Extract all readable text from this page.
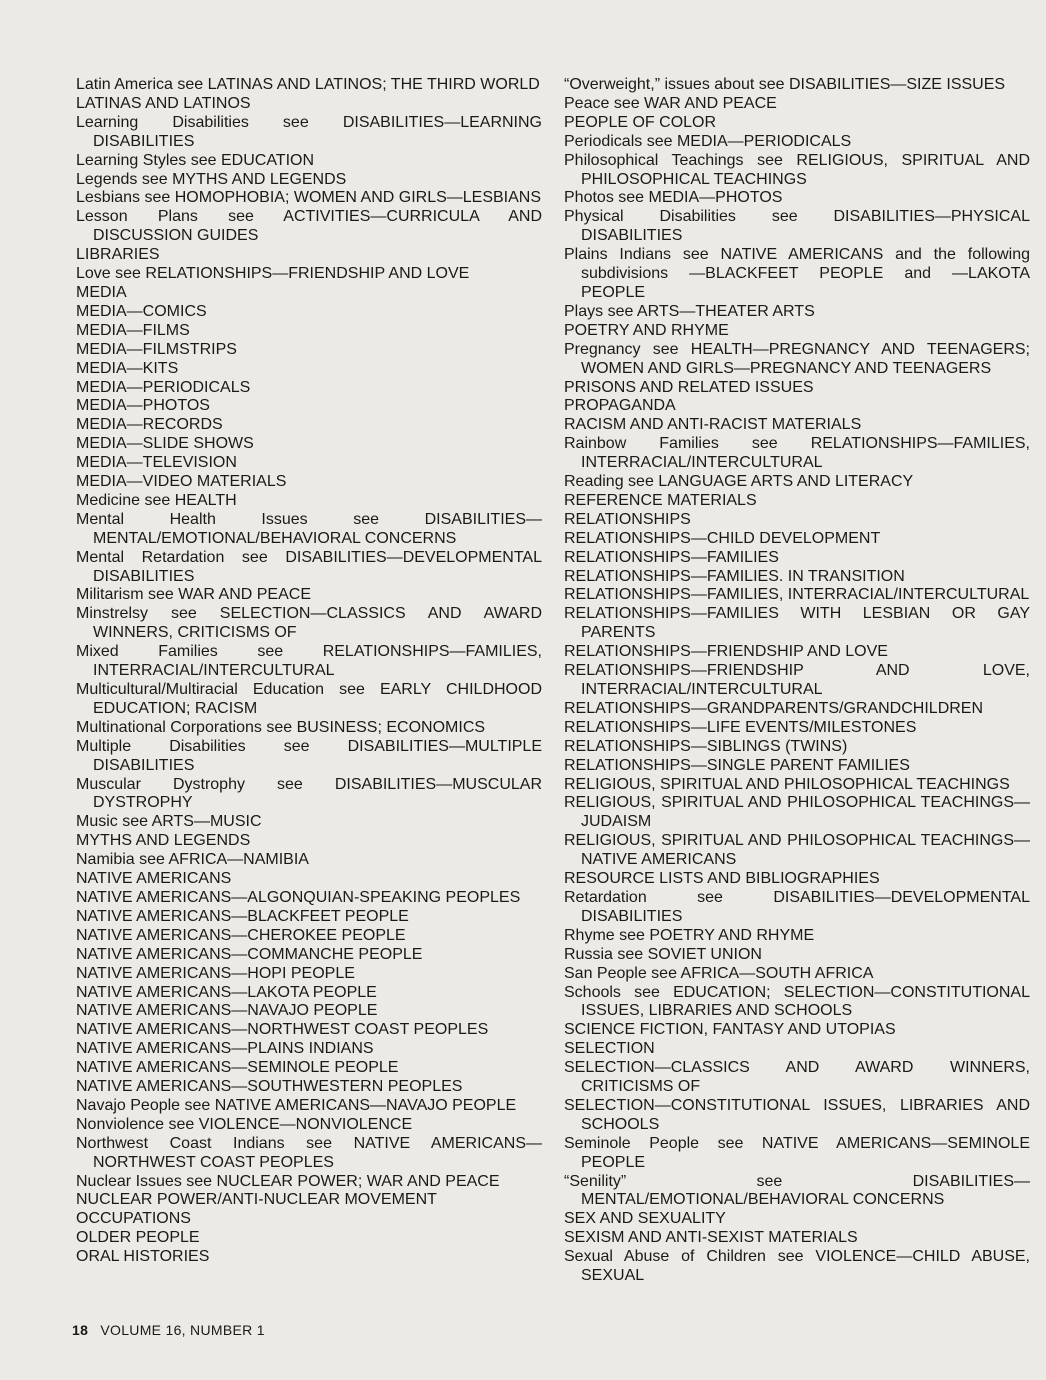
Latin America see LATINAS AND LATINOS; THE THIRD WORLD

LATINAS AND LATINOS

Learning Disabilities see DISABILITIES—LEARNING DISABILITIES

Learning Styles see EDUCATION

Legends see MYTHS AND LEGENDS

Lesbians see HOMOPHOBIA; WOMEN AND GIRLS—LESBIANS

Lesson Plans see ACTIVITIES—CURRICULA AND DISCUSSION GUIDES

LIBRARIES

Love see RELATIONSHIPS—FRIENDSHIP AND LOVE

MEDIA

MEDIA—COMICS

MEDIA—FILMS

MEDIA—FILMSTRIPS

MEDIA—KITS

MEDIA—PERIODICALS

MEDIA—PHOTOS

MEDIA—RECORDS

MEDIA—SLIDE SHOWS

MEDIA—TELEVISION

MEDIA—VIDEO MATERIALS

Medicine see HEALTH

Mental Health Issues see DISABILITIES—MENTAL/EMOTIONAL/BEHAVIORAL CONCERNS

Mental Retardation see DISABILITIES—DEVELOPMENTAL DISABILITIES

Militarism see WAR AND PEACE

Minstrelsy see SELECTION—CLASSICS AND AWARD WINNERS, CRITICISMS OF

Mixed Families see RELATIONSHIPS—FAMILIES, INTERRACIAL/INTERCULTURAL

Multicultural/Multiracial Education see EARLY CHILDHOOD EDUCATION; RACISM

Multinational Corporations see BUSINESS; ECONOMICS

Multiple Disabilities see DISABILITIES—MULTIPLE DISABILITIES

Muscular Dystrophy see DISABILITIES—MUSCULAR DYSTROPHY

Music see ARTS—MUSIC

MYTHS AND LEGENDS

Namibia see AFRICA—NAMIBIA

NATIVE AMERICANS

NATIVE AMERICANS—ALGONQUIAN-SPEAKING PEOPLES

NATIVE AMERICANS—BLACKFEET PEOPLE

NATIVE AMERICANS—CHEROKEE PEOPLE

NATIVE AMERICANS—COMMANCHE PEOPLE

NATIVE AMERICANS—HOPI PEOPLE

NATIVE AMERICANS—LAKOTA PEOPLE

NATIVE AMERICANS—NAVAJO PEOPLE

NATIVE AMERICANS—NORTHWEST COAST PEOPLES

NATIVE AMERICANS—PLAINS INDIANS

NATIVE AMERICANS—SEMINOLE PEOPLE

NATIVE AMERICANS—SOUTHWESTERN PEOPLES

Navajo People see NATIVE AMERICANS—NAVAJO PEOPLE

Nonviolence see VIOLENCE—NONVIOLENCE

Northwest Coast Indians see NATIVE AMERICANS—NORTHWEST COAST PEOPLES

Nuclear Issues see NUCLEAR POWER; WAR AND PEACE

NUCLEAR POWER/ANTI-NUCLEAR MOVEMENT

OCCUPATIONS

OLDER PEOPLE

ORAL HISTORIES

“Overweight,” issues about see DISABILITIES—SIZE ISSUES

Peace see WAR AND PEACE

PEOPLE OF COLOR

Periodicals see MEDIA—PERIODICALS

Philosophical Teachings see RELIGIOUS, SPIRITUAL AND PHILOSOPHICAL TEACHINGS

Photos see MEDIA—PHOTOS

Physical Disabilities see DISABILITIES—PHYSICAL DISABILITIES

Plains Indians see NATIVE AMERICANS and the following subdivisions —BLACKFEET PEOPLE and —LAKOTA PEOPLE

Plays see ARTS—THEATER ARTS

POETRY AND RHYME

Pregnancy see HEALTH—PREGNANCY AND TEENAGERS; WOMEN AND GIRLS—PREGNANCY AND TEENAGERS

PRISONS AND RELATED ISSUES

PROPAGANDA

RACISM AND ANTI-RACIST MATERIALS

Rainbow Families see RELATIONSHIPS—FAMILIES, INTERRACIAL/INTERCULTURAL

Reading see LANGUAGE ARTS AND LITERACY

REFERENCE MATERIALS

RELATIONSHIPS

RELATIONSHIPS—CHILD DEVELOPMENT

RELATIONSHIPS—FAMILIES

RELATIONSHIPS—FAMILIES. IN TRANSITION

RELATIONSHIPS—FAMILIES, INTERRACIAL/INTERCULTURAL

RELATIONSHIPS—FAMILIES WITH LESBIAN OR GAY PARENTS

RELATIONSHIPS—FRIENDSHIP AND LOVE

RELATIONSHIPS—FRIENDSHIP AND LOVE, INTERRACIAL/INTERCULTURAL

RELATIONSHIPS—GRANDPARENTS/GRANDCHILDREN

RELATIONSHIPS—LIFE EVENTS/MILESTONES

RELATIONSHIPS—SIBLINGS (TWINS)

RELATIONSHIPS—SINGLE PARENT FAMILIES

RELIGIOUS, SPIRITUAL AND PHILOSOPHICAL TEACHINGS

RELIGIOUS, SPIRITUAL AND PHILOSOPHICAL TEACHINGS—JUDAISM

RELIGIOUS, SPIRITUAL AND PHILOSOPHICAL TEACHINGS—NATIVE AMERICANS

RESOURCE LISTS AND BIBLIOGRAPHIES

Retardation see DISABILITIES—DEVELOPMENTAL DISABILITIES

Rhyme see POETRY AND RHYME

Russia see SOVIET UNION

San People see AFRICA—SOUTH AFRICA

Schools see EDUCATION; SELECTION—CONSTITUTIONAL ISSUES, LIBRARIES AND SCHOOLS

SCIENCE FICTION, FANTASY AND UTOPIAS

SELECTION

SELECTION—CLASSICS AND AWARD WINNERS, CRITICISMS OF

SELECTION—CONSTITUTIONAL ISSUES, LIBRARIES AND SCHOOLS

Seminole People see NATIVE AMERICANS—SEMINOLE PEOPLE

“Senility” see DISABILITIES—MENTAL/EMOTIONAL/BEHAVIORAL CONCERNS

SEX AND SEXUALITY

SEXISM AND ANTI-SEXIST MATERIALS

Sexual Abuse of Children see VIOLENCE—CHILD ABUSE, SEXUAL

18 VOLUME 16, NUMBER 1
